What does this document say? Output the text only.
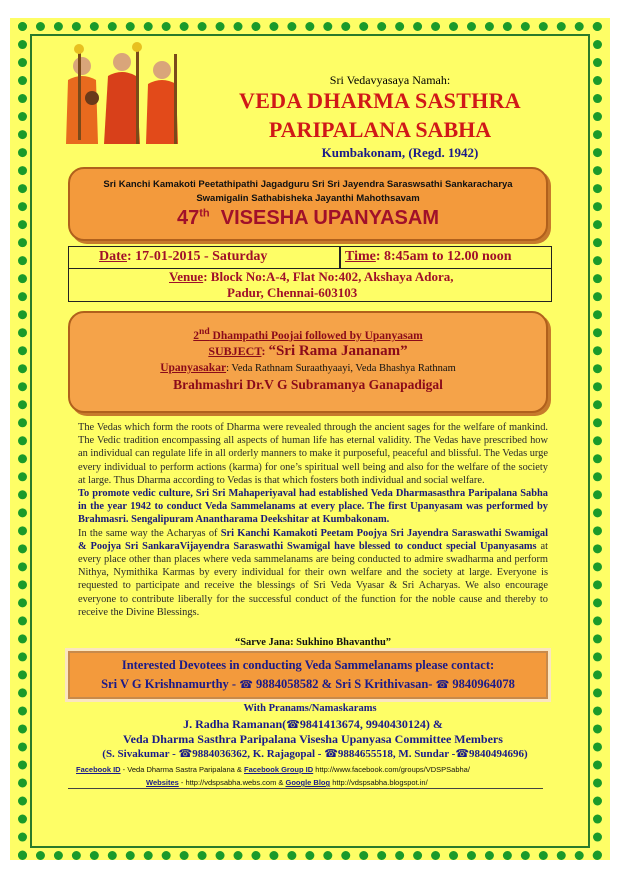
Sri Vedavyasaya Namah:
VEDA DHARMA SASTHRA
PARIPALANA SABHA
Kumbakonam, (Regd. 1942)
Sri Kanchi Kamakoti Peetathipathi Jagadguru Sri Sri Jayendra Saraswsathi Sankaracharya
Swamigalin Sathabisheka Jayanthi Mahothsavam
47th VISESHA UPANYASAM
Date: 17-01-2015 - Saturday	Time: 8:45am to 12.00 noon
Venue: Block No:A-4, Flat No:402, Akshaya Adora,
Padur, Chennai-603103
2nd Dhampathi Poojai followed by Upanyasam
SUBJECT: “Sri Rama Jananam”
Upanyasakar: Veda Rathnam Suraathyaayi, Veda Bhashya Rathnam
Brahmashri Dr.V G Subramanya Ganapadigal

The Vedas which form the roots of Dharma were revealed through the ancient sages for the welfare of mankind. The Vedic tradition encompassing all aspects of human life has eternal validity. The Vedas have prescribed how an individual can regulate life in all orderly manners to make it purposeful, peaceful and blissful. The Vedas urge every individual to perform actions (karma) for one’s spiritual well being and also for the welfare of the society at large. Thus Dharma according to Vedas is that which fosters both individual and social welfare.

To promote vedic culture, Sri Sri Mahaperiyaval had established Veda Dharmasasthra Paripalana Sabha in the year 1942 to conduct Veda Sammelanams at every place. The first Upanyasam was performed by Brahmasri. Sengalipuram Anantharama Deekshitar at Kumbakonam.

In the same way the Acharyas of Sri Kanchi Kamakoti Peetam Poojya Sri Jayendra Saraswathi Swamigal & Poojya Sri SankaraVijayendra Saraswathi Swamigal have blessed to conduct special Upanyasams at every place other than places where veda sammelanams are being conducted to admire swadharma and perform Nithya, Nymithika Karmas by every individual for their own welfare and the society at large. Everyone is requested to participate and receive the blessings of Sri Veda Vyasar & Sri Acharyas. We also encourage everyone to contribute liberally for the successful conduct of the function for the noble cause and thereby to receive the Divine Blessings.

“Sarve Jana: Sukhino Bhavanthu”
Interested Devotees in conducting Veda Sammelanams please contact:
Sri V G Krishnamurthy - ☎ 9884058582 & Sri S Krithivasan- ☎ 9840964078
With Pranams/Namaskarams
J. Radha Ramanan(☎9841413674, 9940430124) &
Veda Dharma Sasthra Paripalana Visesha Upanyasa Committee Members
(S. Sivakumar - ☎9884036362, K. Rajagopal - ☎9884655518, M. Sundar -☎9840494696)
Facebook ID - Veda Dharma Sastra Paripalana & Facebook Group ID http://www.facebook.com/groups/VDSPSabha/
Websites - http://vdspsabha.webs.com & Google Blog http://vdspsabha.blogspot.in/
